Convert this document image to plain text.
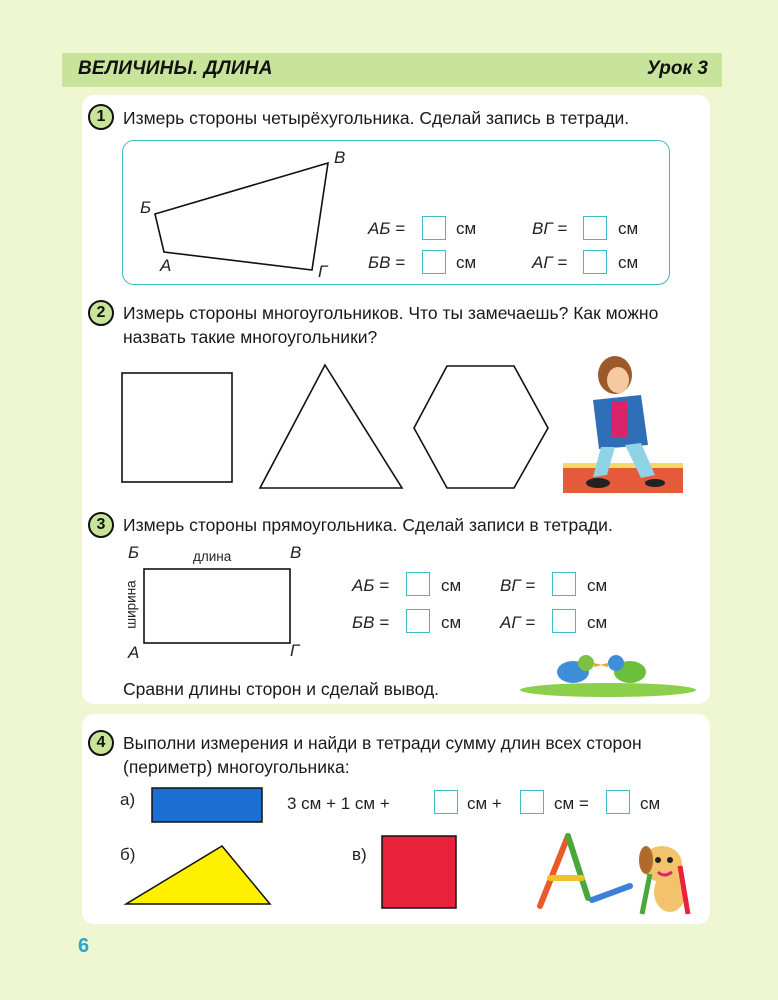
ВЕЛИЧИНЫ. ДЛИНА	Урок 3
1	Измерь стороны четырёхугольника. Сделай запись в тетради.
Б
В
А	Г
АБ =	см	ВГ =	см
БВ =	см	АГ =	см
2	Измерь стороны многоугольников. Что ты замечаешь? Как можно
назвать такие многоугольники?
3	Измерь стороны прямоугольника. Сделай записи в тетради.
Б	В
А	Г
длина
ширина	АБ =	см ВГ =	см
БВ =	см АГ =	см
Сравни длины сторон и сделай вывод.
4	Выполни измерения и найди в тетради сумму длин всех сторон
(периметр) многоугольника:
а)	3 см + 1 см +	см +	см =	см
б)	в)
6
